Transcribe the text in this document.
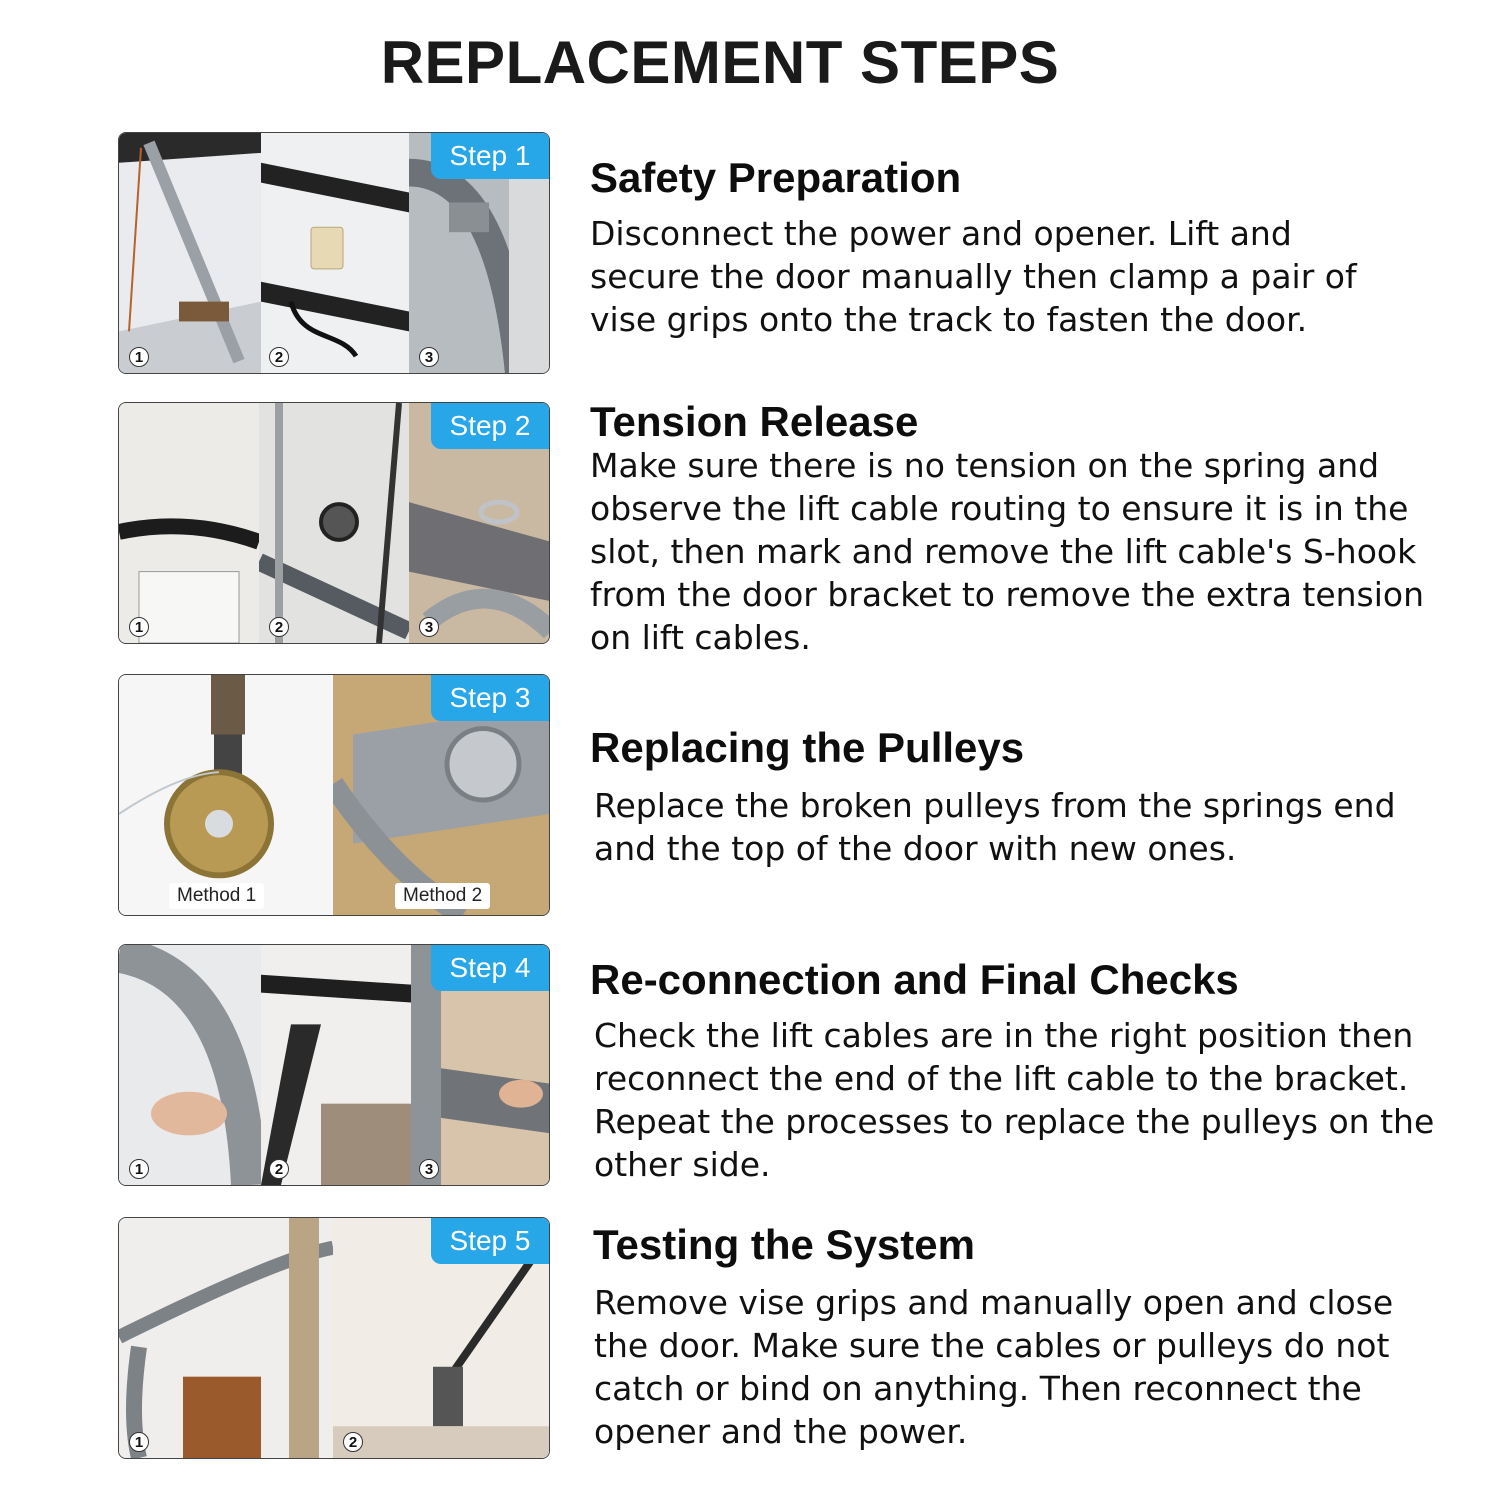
REPLACEMENT STEPS
Step 1
1	2	3
Safety Preparation
Disconnect the power and opener. Lift and secure the door manually then clamp a pair of vise grips onto the track to fasten the door.
Step 2
1	2	3
Tension Release
Make sure there is no tension on the spring and observe the lift cable routing to ensure it is in the slot, then mark and remove the lift cable's S-hook from the door bracket to remove the extra tension on lift cables.
Step 3
Method 1	Method 2
Replacing the Pulleys
Replace the broken pulleys from the springs end and the top of the door with new ones.
Step 4
1	2	3
Re-connection and Final Checks
Check the lift cables are in the right position then reconnect the end of the lift cable to the bracket. Repeat the processes to replace the pulleys on the other side.
Step 5
1	2
Testing the System
Remove vise grips and manually open and close the door. Make sure the cables or pulleys do not catch or bind on anything. Then reconnect the opener and the power.
